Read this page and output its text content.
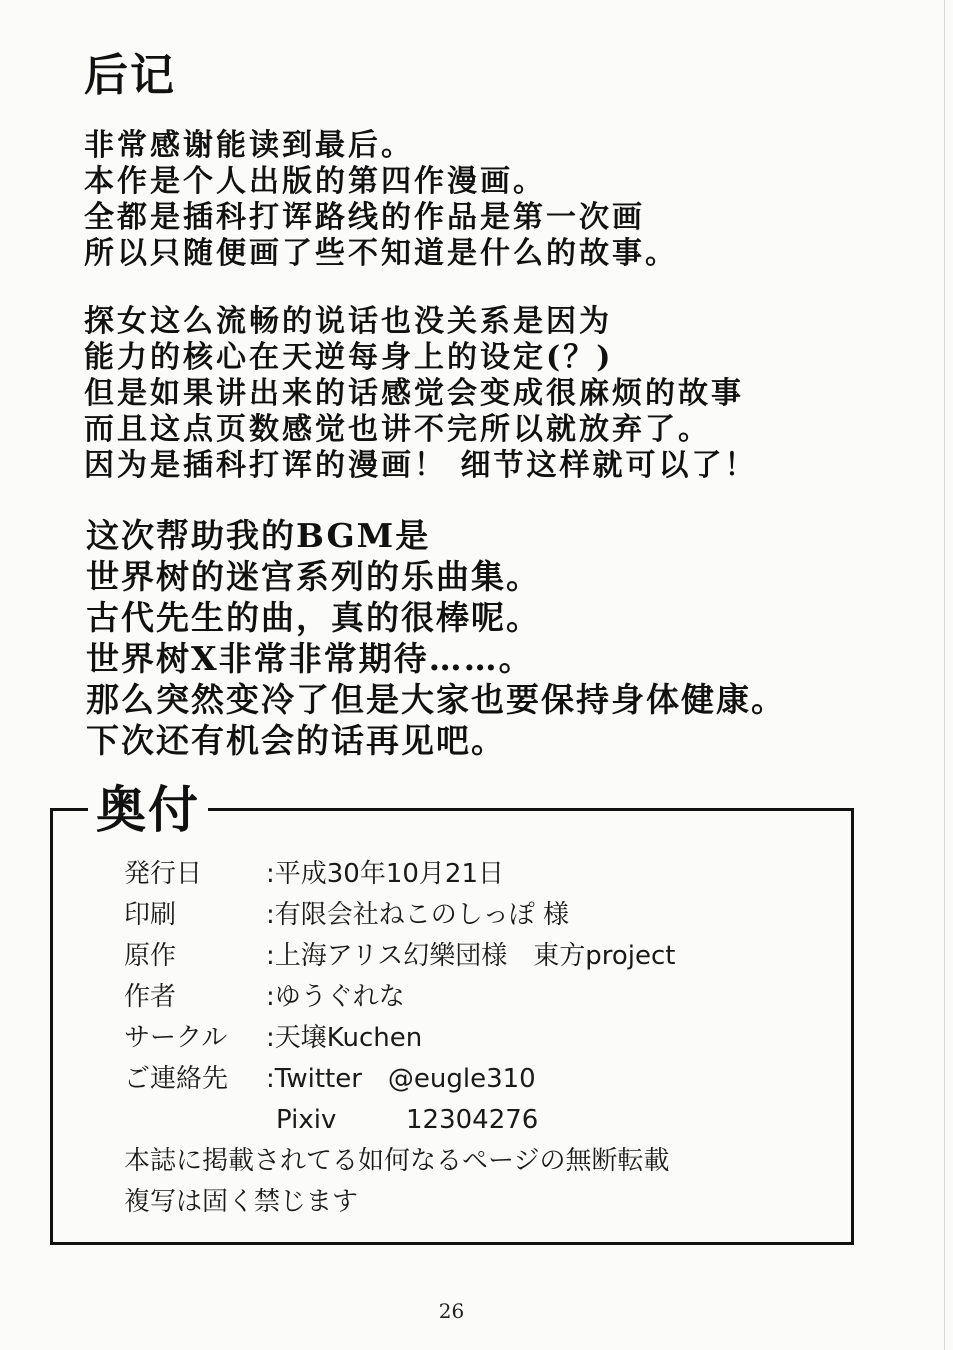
后记
非常感谢能读到最后。
本作是个人出版的第四作漫画。
全都是插科打诨路线的作品是第一次画
所以只随便画了些不知道是什么的故事。
探女这么流畅的说话也没关系是因为
能力的核心在天逆每身上的设定(？)
但是如果讲出来的话感觉会变成很麻烦的故事
而且这点页数感觉也讲不完所以就放弃了。
因为是插科打诨的漫画！ 细节这样就可以了！
这次帮助我的BGM是
世界树的迷宫系列的乐曲集。
古代先生的曲，真的很棒呢。
世界树X非常非常期待……。
那么突然变冷了但是大家也要保持身体健康。
下次还有机会的话再见吧。
奥付
発行日 :平成30年10月21日
印刷	:有限会社ねこのしっぽ 様
原作	:上海アリス幻樂団様　東方project
作者	:ゆうぐれな
サークル :天壌Kuchen
ご連絡先 :Twitter　@eugle310
Pixiv	12304276
本誌に掲載されてる如何なるページの無断転載
複写は固く禁じます
26
